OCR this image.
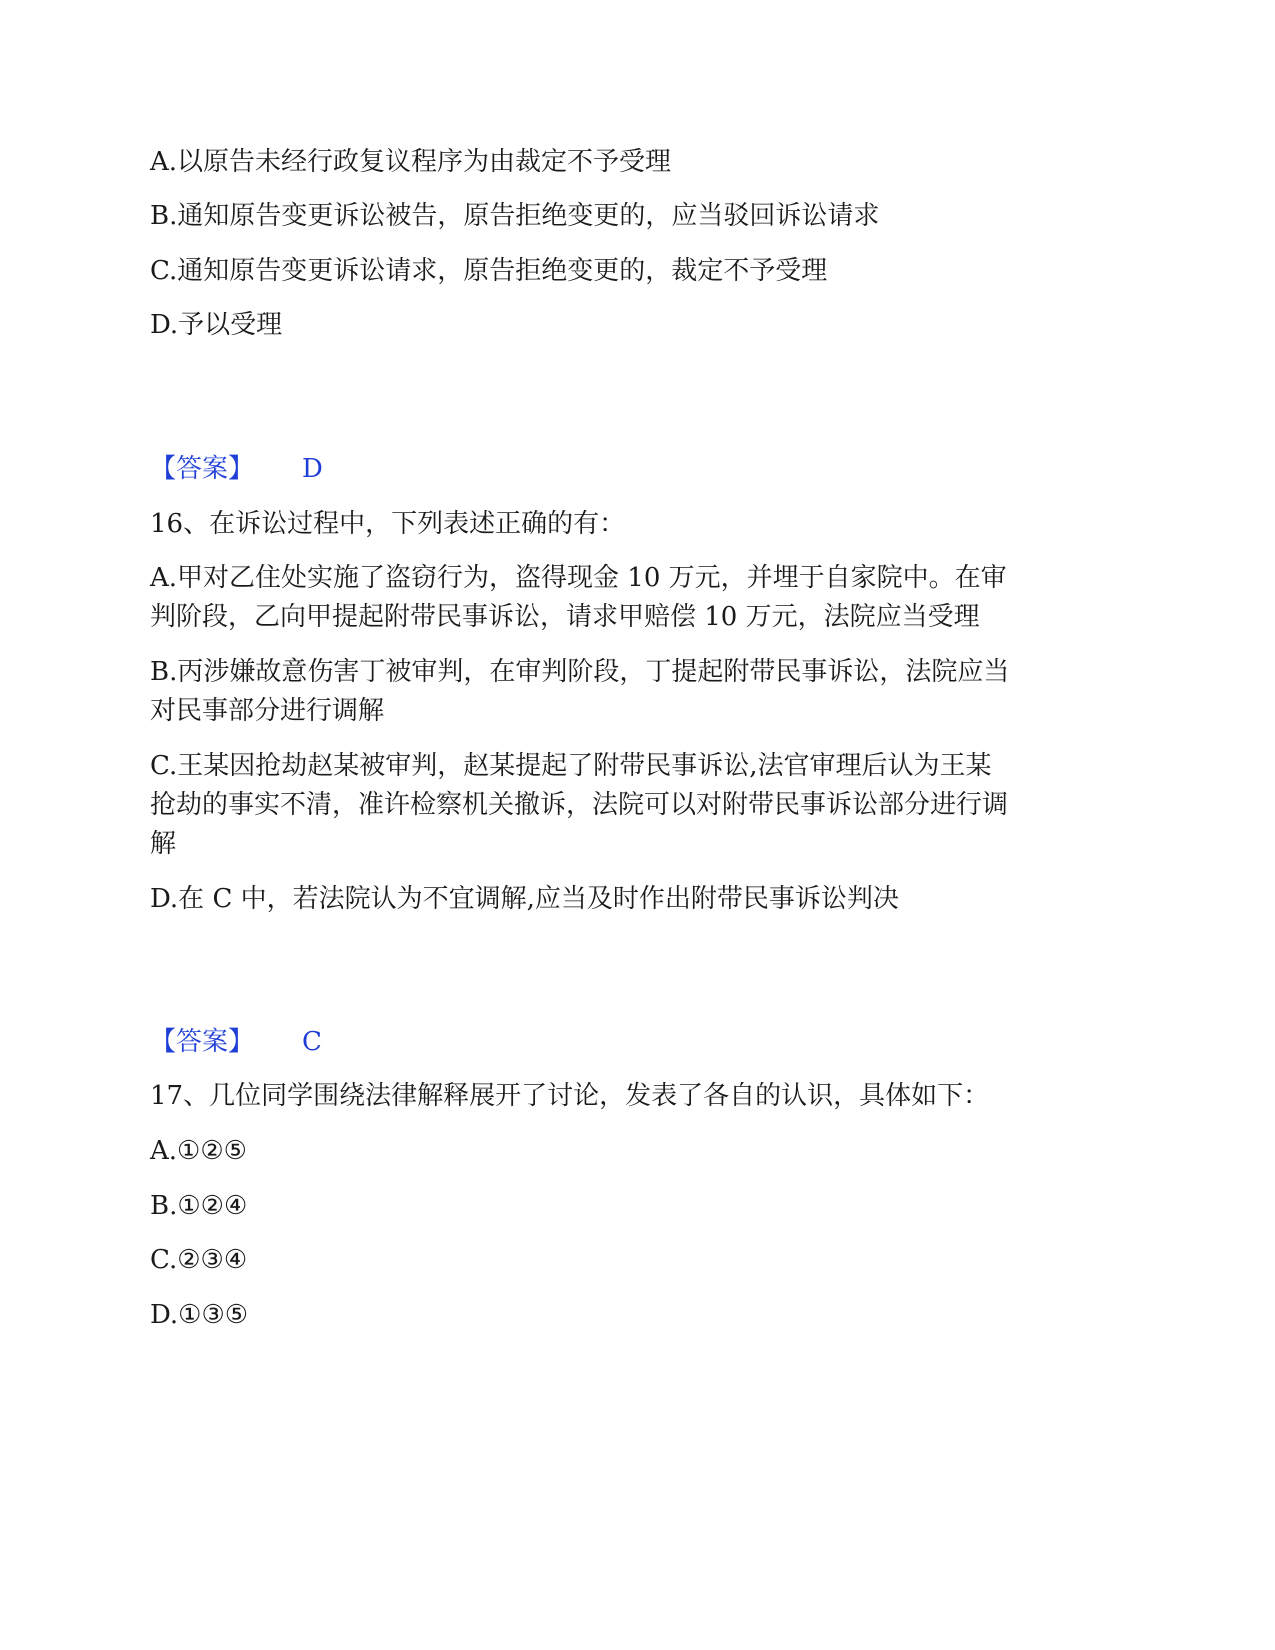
A.以原告未经行政复议程序为由裁定不予受理
B.通知原告变更诉讼被告，原告拒绝变更的，应当驳回诉讼请求
C.通知原告变更诉讼请求，原告拒绝变更的，裁定不予受理
D.予以受理
【答案】 D
16、在诉讼过程中，下列表述正确的有：
A.甲对乙住处实施了盗窃行为，盗得现金 10 万元，并埋于自家院中。在审
判阶段，乙向甲提起附带民事诉讼，请求甲赔偿 10 万元，法院应当受理
B.丙涉嫌故意伤害丁被审判，在审判阶段，丁提起附带民事诉讼，法院应当
对民事部分进行调解
C.王某因抢劫赵某被审判，赵某提起了附带民事诉讼,法官审理后认为王某
抢劫的事实不清，准许检察机关撤诉，法院可以对附带民事诉讼部分进行调
解
D.在 C 中，若法院认为不宜调解,应当及时作出附带民事诉讼判决
【答案】 C
17、几位同学围绕法律解释展开了讨论，发表了各自的认识，具体如下：
A.①②⑤
B.①②④
C.②③④
D.①③⑤
